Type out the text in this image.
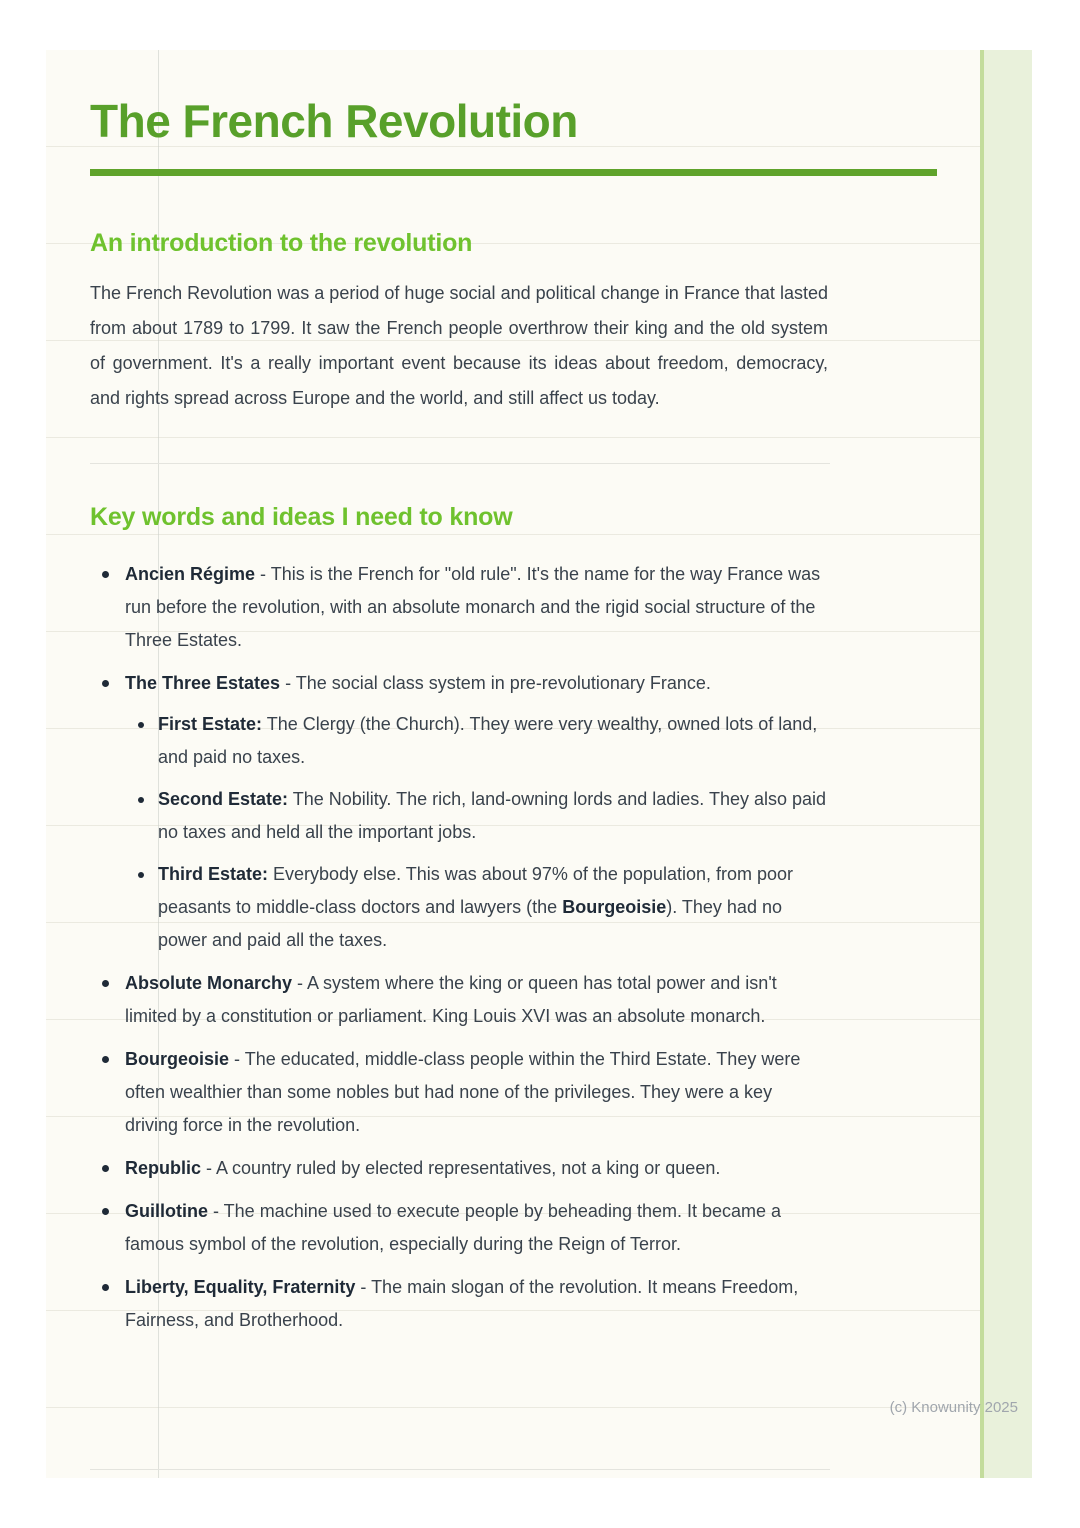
The French Revolution
An introduction to the revolution

The French Revolution was a period of huge social and political change in France that lasted from about 1789 to 1799. It saw the French people overthrow their king and the old system of government. It's a really important event because its ideas about freedom, democracy, and rights spread across Europe and the world, and still affect us today.

Key words and ideas I need to know
Ancien Régime - This is the French for "old rule". It's the name for the way France was run before the revolution, with an absolute monarch and the rigid social structure of the Three Estates.
The Three Estates - The social class system in pre-revolutionary France.
First Estate: The Clergy (the Church). They were very wealthy, owned lots of land, and paid no taxes.
Second Estate: The Nobility. The rich, land-owning lords and ladies. They also paid no taxes and held all the important jobs.
Third Estate: Everybody else. This was about 97% of the population, from poor peasants to middle-class doctors and lawyers (the Bourgeoisie). They had no power and paid all the taxes.
Absolute Monarchy - A system where the king or queen has total power and isn't limited by a constitution or parliament. King Louis XVI was an absolute monarch.
Bourgeoisie - The educated, middle-class people within the Third Estate. They were often wealthier than some nobles but had none of the privileges. They were a key driving force in the revolution.
Republic - A country ruled by elected representatives, not a king or queen.
Guillotine - The machine used to execute people by beheading them. It became a famous symbol of the revolution, especially during the Reign of Terror.
Liberty, Equality, Fraternity - The main slogan of the revolution. It means Freedom, Fairness, and Brotherhood.
(c) Knowunity 2025
